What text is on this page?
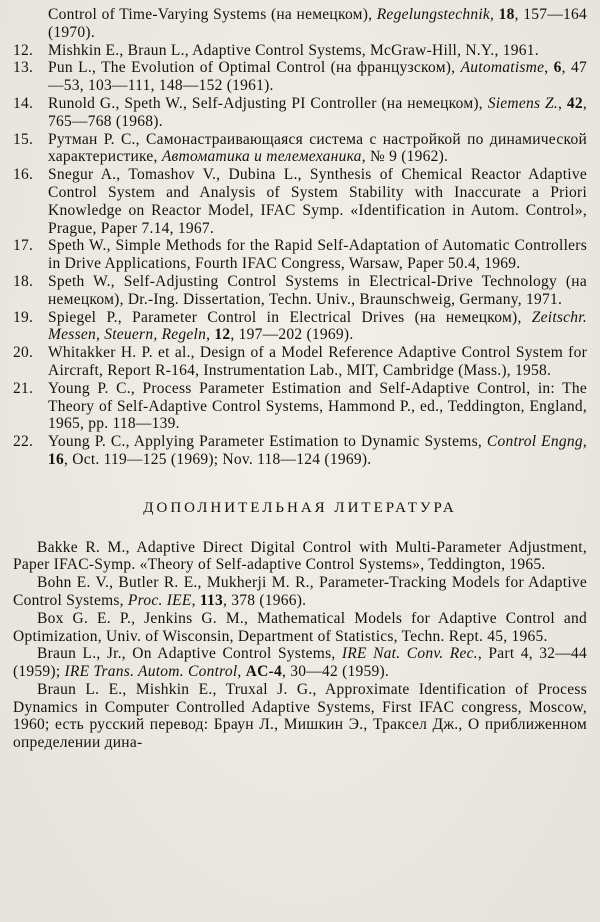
Control of Time-Varying Systems (на немецком), Regelungstechnik, 18, 157—164 (1970).

12. Mishkin E., Braun L., Adaptive Control Systems, McGraw-Hill, N.Y., 1961.

13. Pun L., The Evolution of Optimal Control (на французском), Automatisme, 6, 47—53, 103—111, 148—152 (1961).

14. Runold G., Speth W., Self-Adjusting PI Controller (на немецком), Siemens Z., 42, 765—768 (1968).

15. Рутман Р. С., Самонастраивающаяся система с настройкой по динамической характеристике, Автоматика и телемеханика, № 9 (1962).

16. Snegur A., Tomashov V., Dubina L., Synthesis of Chemical Reactor Adaptive Control System and Analysis of System Stability with Inaccurate a Priori Knowledge on Reactor Model, IFAC Symp. «Identification in Autom. Control», Prague, Paper 7.14, 1967.

17. Speth W., Simple Methods for the Rapid Self-Adaptation of Automatic Controllers in Drive Applications, Fourth IFAC Congress, Warsaw, Paper 50.4, 1969.

18. Speth W., Self-Adjusting Control Systems in Electrical-Drive Technology (на немецком), Dr.-Ing. Dissertation, Techn. Univ., Braunschweig, Germany, 1971.

19. Spiegel P., Parameter Control in Electrical Drives (на немецком), Zeitschr. Messen, Steuern, Regeln, 12, 197—202 (1969).

20. Whitakker H. P. et al., Design of a Model Reference Adaptive Control System for Aircraft, Report R-164, Instrumentation Lab., MIT, Cambridge (Mass.), 1958.

21. Young P. C., Process Parameter Estimation and Self-Adaptive Control, in: The Theory of Self-Adaptive Control Systems, Hammond P., ed., Teddington, England, 1965, pp. 118—139.

22. Young P. C., Applying Parameter Estimation to Dynamic Systems, Control Engng, 16, Oct. 119—125 (1969); Nov. 118—124 (1969).

ДОПОЛНИТЕЛЬНАЯ ЛИТЕРАТУРА

Bakke R. M., Adaptive Direct Digital Control with Multi-Parameter Adjustment, Paper IFAC-Symp. «Theory of Self-adaptive Control Systems», Teddington, 1965.

Bohn E. V., Butler R. E., Mukherji M. R., Parameter-Tracking Models for Adaptive Control Systems, Proc. IEE, 113, 378 (1966).

Box G. E. P., Jenkins G. M., Mathematical Models for Adaptive Control and Optimization, Univ. of Wisconsin, Department of Statistics, Techn. Rept. 45, 1965.

Braun L., Jr., On Adaptive Control Systems, IRE Nat. Conv. Rec., Part 4, 32—44 (1959); IRE Trans. Autom. Control, AC-4, 30—42 (1959).

Braun L. E., Mishkin E., Truxal J. G., Approximate Identification of Process Dynamics in Computer Controlled Adaptive Systems, First IFAC congress, Moscow, 1960; есть русский перевод: Браун Л., Мишкин Э., Траксел Дж., О приближенном определении дина-
